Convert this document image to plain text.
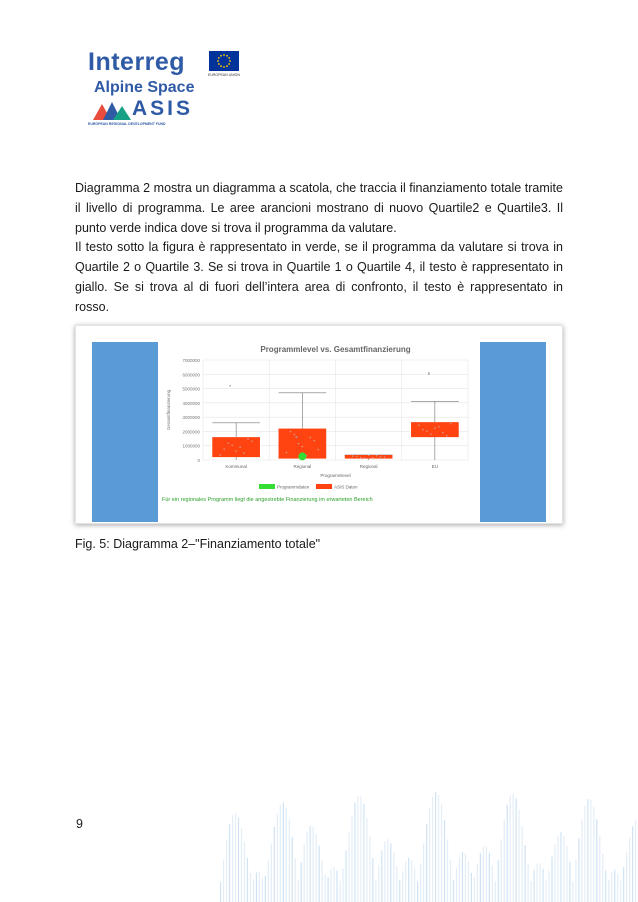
Interreg
Alpine Space
ASIS
EUROPEAN REGIONAL DEVELOPMENT FUND
EUROPEAN UNION

Diagramma 2 mostra un diagramma a scatola, che traccia il finanziamento totale tramite il livello di programma. Le aree arancioni mostrano di nuovo Quartile2 e Quartile3. Il punto verde indica dove si trova il programma da valutare.

Il testo sotto la figura è rappresentato in verde, se il programma da valutare si trova in Quartile 2 o Quartile 3. Se si trova in Quartile 1 o Quartile 4, il testo è rappresentato in giallo. Se si trova al di fuori dell’intera area di confronto, il testo è rappresentato in rosso.

Programmlevel vs. Gesamtfinanzierung
0
1000000
2000000
3000000
4000000
5000000
6000000
7000000
Gesamtfinanzierung
Kommunal	Regional	Regional	EU
Programmlevel
Programmdaten	ASIS Daten
Für ein regionales Programm liegt die angestrebte Finanzierung im erwarteten Bereich
Fig. 5: Diagramma 2–"Finanziamento totale"
9
